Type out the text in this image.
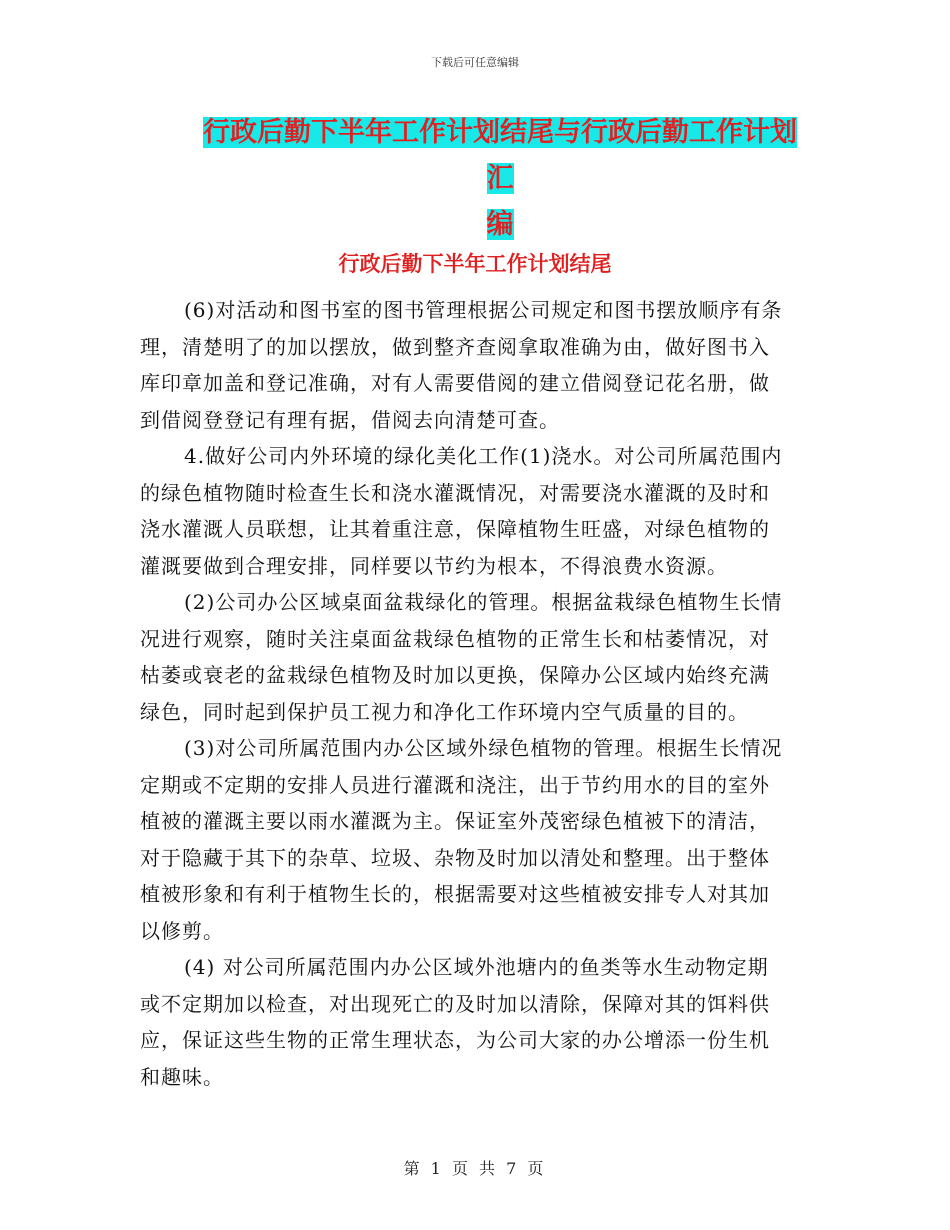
下载后可任意编辑
行政后勤下半年工作计划结尾与行政后勤工作计划汇
编
行政后勤下半年工作计划结尾

(6)对活动和图书室的图书管理根据公司规定和图书摆放顺序有条
理，清楚明了的加以摆放，做到整齐查阅拿取准确为由，做好图书入
库印章加盖和登记准确，对有人需要借阅的建立借阅登记花名册，做
到借阅登登记有理有据，借阅去向清楚可查。

4.做好公司内外环境的绿化美化工作(1)浇水。对公司所属范围内
的绿色植物随时检查生长和浇水灌溉情况，对需要浇水灌溉的及时和
浇水灌溉人员联想，让其着重注意，保障植物生旺盛，对绿色植物的
灌溉要做到合理安排，同样要以节约为根本，不得浪费水资源。

(2)公司办公区域桌面盆栽绿化的管理。根据盆栽绿色植物生长情
况进行观察，随时关注桌面盆栽绿色植物的正常生长和枯萎情况，对
枯萎或衰老的盆栽绿色植物及时加以更换，保障办公区域内始终充满
绿色，同时起到保护员工视力和净化工作环境内空气质量的目的。

(3)对公司所属范围内办公区域外绿色植物的管理。根据生长情况
定期或不定期的安排人员进行灌溉和浇注，出于节约用水的目的室外
植被的灌溉主要以雨水灌溉为主。保证室外茂密绿色植被下的清洁，
对于隐藏于其下的杂草、垃圾、杂物及时加以清处和整理。出于整体
植被形象和有利于植物生长的，根据需要对这些植被安排专人对其加
以修剪。

(4) 对公司所属范围内办公区域外池塘内的鱼类等水生动物定期
或不定期加以检查，对出现死亡的及时加以清除，保障对其的饵料供
应，保证这些生物的正常生理状态，为公司大家的办公增添一份生机
和趣味。

第 1 页 共 7 页
